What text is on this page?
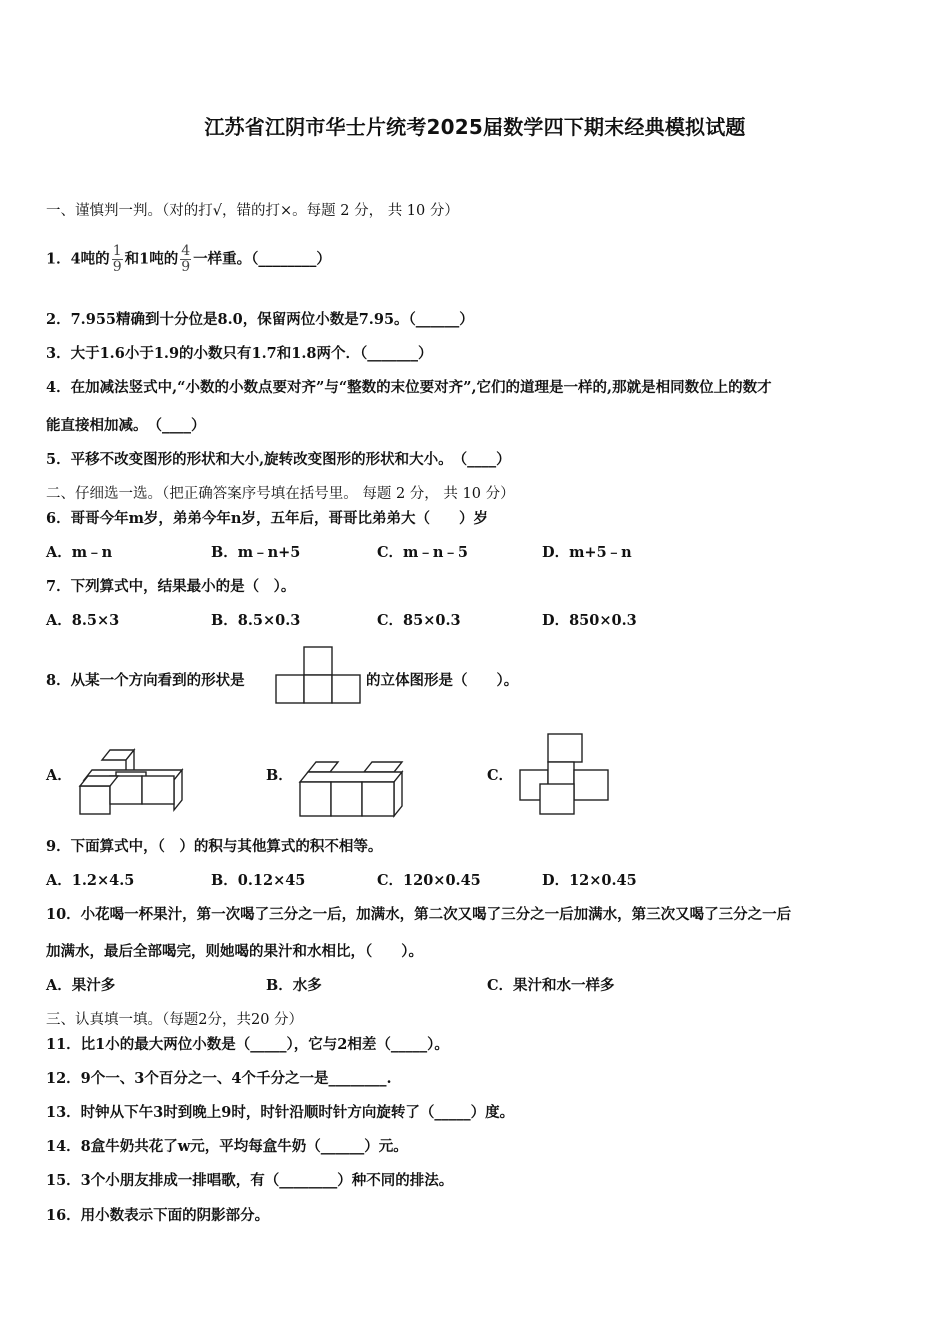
江苏省江阴市华士片统考2025届数学四下期末经典模拟试题
一、谨慎判一判。（对的打√，错的打×。每题 2 分， 共 10 分）
1．4吨的 $\frac{1}{9}$ 和1吨的 $\frac{4}{9}$ 一样重。（________）
2．7.955精确到十分位是8.0，保留两位小数是7.95。（______）
3．大于1.6小于1.9的小数只有1.7和1.8两个．（_______）
4．在加减法竖式中,“小数的小数点要对齐”与“整数的末位要对齐”,它们的道理是一样的,那就是相同数位上的数才
能直接相加减。　（____）
5．平移不改变图形的形状和大小,旋转改变图形的形状和大小。　（____）
二、仔细选一选。（把正确答案序号填在括号里。 每题 2 分， 共 10 分）
6．哥哥今年m岁，弟弟今年n岁，五年后，哥哥比弟弟大（　　）岁
A．m﹣n	B．m﹣n+5	C．m﹣n﹣5	D．m+5﹣n
7．下列算式中，结果最小的是（　）。
A．8.5×3	B．8.5×0.3	C．85×0.3	D．850×0.3
8．从某一个方向看到的形状是	的立体图形是（　　）。
A．	B．	C．
9．下面算式中，（　）的积与其他算式的积不相等。
A．1.2×4.5	B．0.12×45	C．120×0.45	D．12×0.45
10．小花喝一杯果汁，第一次喝了三分之一后，加满水，第二次又喝了三分之一后加满水，第三次又喝了三分之一后
加满水，最后全部喝完，则她喝的果汁和水相比，（　　）。
A．果汁多	B．水多	C．果汁和水一样多
三、认真填一填。（每题2分，共20 分）
11．比1小的最大两位小数是（_____），它与2相差（_____）。
12．9个一、3个百分之一、4个千分之一是________.
13．时钟从下午3时到晚上9时，时针沿顺时针方向旋转了（_____）度。
14．8盒牛奶共花了w元，平均每盒牛奶（______）元。
15．3个小朋友排成一排唱歌，有（________）种不同的排法。
16．用小数表示下面的阴影部分。
